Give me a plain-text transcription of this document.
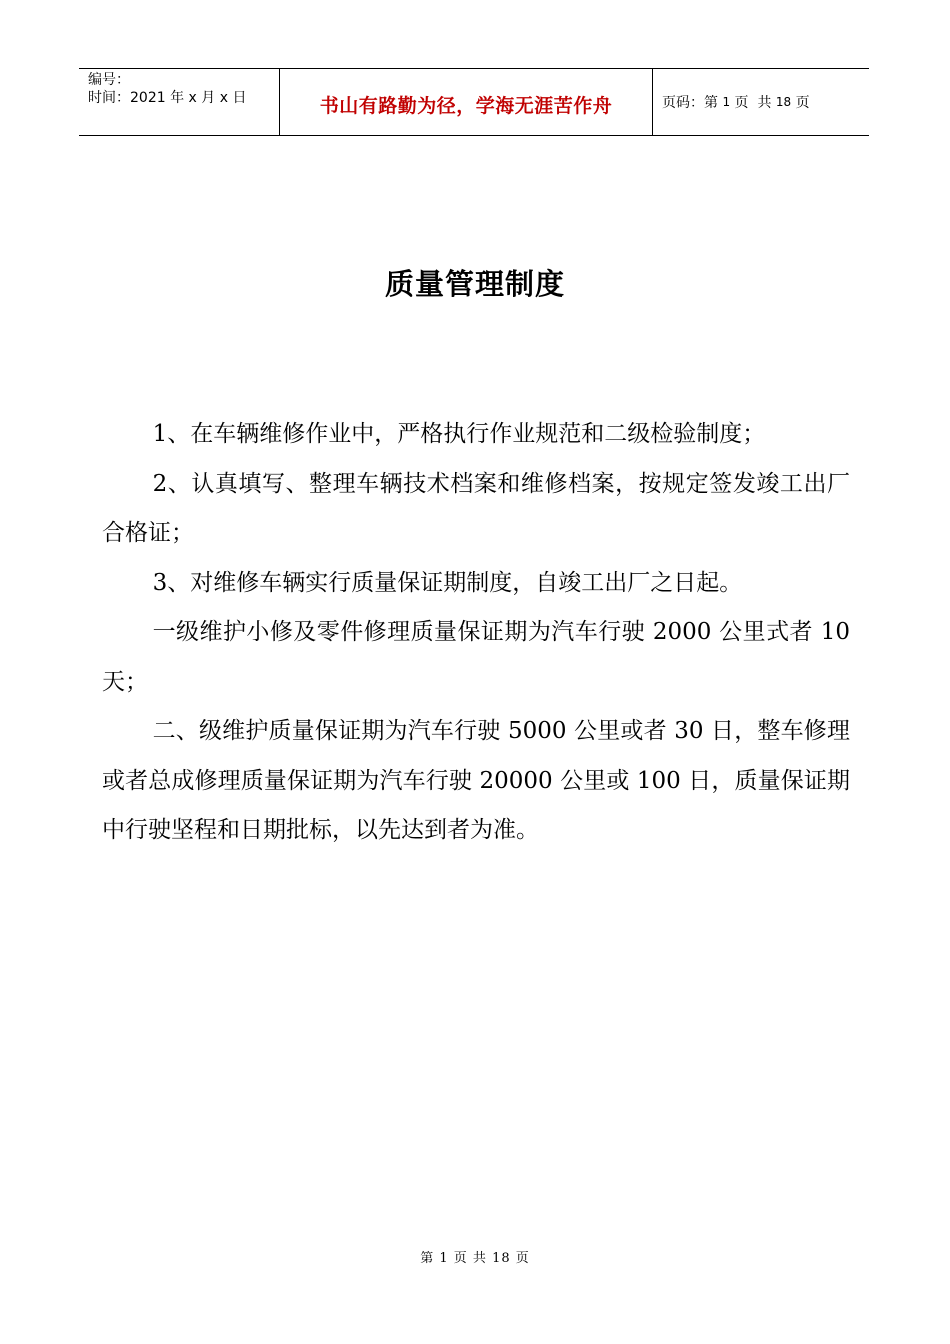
编号：
时间：2021 年 x 月 x 日	书山有路勤为径，学海无涯苦作舟	页码：第 1 页  共 18 页
质量管理制度

1、在车辆维修作业中，严格执行作业规范和二级检验制度；

2、认真填写、整理车辆技术档案和维修档案，按规定签发竣工出厂合格证；

3、对维修车辆实行质量保证期制度，自竣工出厂之日起。

一级维护小修及零件修理质量保证期为汽车行驶 2000 公里式者 10 天；

二、级维护质量保证期为汽车行驶 5000 公里或者 30 日，整车修理或者总成修理质量保证期为汽车行驶 20000 公里或 100 日，质量保证期中行驶坚程和日期批标，以先达到者为准。

第 1 页 共 18 页
